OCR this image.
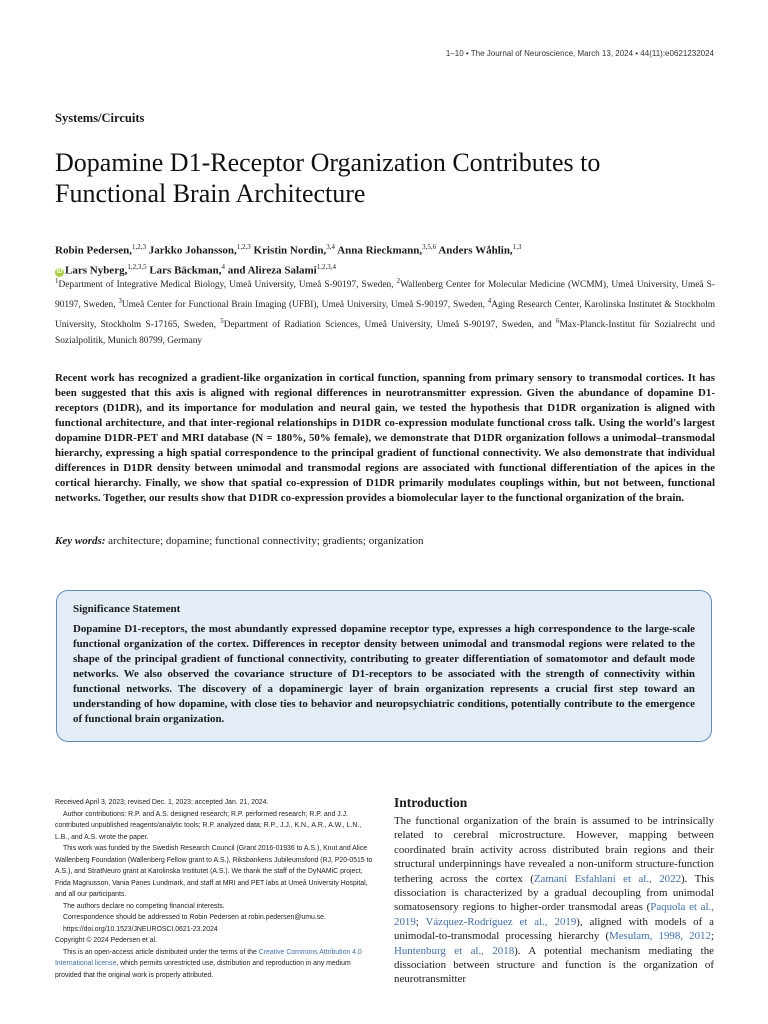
1–10 • The Journal of Neuroscience, March 13, 2024 • 44(11):e0621232024
Systems/Circuits
Dopamine D1-Receptor Organization Contributes to Functional Brain Architecture
Robin Pedersen,$^{1,2,3}$ Jarkko Johansson,$^{1,2,3}$ Kristin Nordin,$^{3,4}$ Anna Rieckmann,$^{3,5,6}$ Anders Wåhlin,$^{1,3}$
iD Lars Nyberg,$^{1,2,3,5}$ Lars Bäckman,$^4$ and Alireza Salami$^{1,2,3,4}$
$^1$Department of Integrative Medical Biology, Umeå University, Umeå S-90197, Sweden, $^2$Wallenberg Center for Molecular Medicine (WCMM), Umeå University, Umeå S-90197, Sweden, $^3$Umeå Center for Functional Brain Imaging (UFBI), Umeå University, Umeå S-90197, Sweden, $^4$Aging Research Center, Karolinska Institutet & Stockholm University, Stockholm S-17165, Sweden, $^5$Department of Radiation Sciences, Umeå University, Umeå S-90197, Sweden, and $^6$Max-Planck-Institut für Sozialrecht und Sozialpolitik, Munich 80799, Germany

Recent work has recognized a gradient-like organization in cortical function, spanning from primary sensory to transmodal cortices. It has been suggested that this axis is aligned with regional differences in neurotransmitter expression. Given the abundance of dopamine D1-receptors (D1DR), and its importance for modulation and neural gain, we tested the hypothesis that D1DR organization is aligned with functional architecture, and that inter-regional relationships in D1DR co-expression modulate functional cross talk. Using the world's largest dopamine D1DR-PET and MRI database (N = 180%, 50% female), we demonstrate that D1DR organization follows a unimodal–transmodal hierarchy, expressing a high spatial correspondence to the principal gradient of functional connectivity. We also demonstrate that individual differences in D1DR density between unimodal and transmodal regions are associated with functional differentiation of the apices in the cortical hierarchy. Finally, we show that spatial co-expression of D1DR primarily modulates couplings within, but not between, functional networks. Together, our results show that D1DR co-expression provides a biomolecular layer to the functional organization of the brain.

Key words: architecture; dopamine; functional connectivity; gradients; organization

Significance Statement

Dopamine D1-receptors, the most abundantly expressed dopamine receptor type, expresses a high correspondence to the large-scale functional organization of the cortex. Differences in receptor density between unimodal and transmodal regions were related to the shape of the principal gradient of functional connectivity, contributing to greater differentiation of somatomotor and default mode networks. We also observed the covariance structure of D1-receptors to be associated with the strength of connectivity within functional networks. The discovery of a dopaminergic layer of brain organization represents a crucial first step toward an understanding of how dopamine, with close ties to behavior and neuropsychiatric conditions, potentially contribute to the emergence of functional brain organization.

Received April 3, 2023; revised Dec. 1, 2023; accepted Jan. 21, 2024.

Author contributions: R.P. and A.S. designed research; R.P. performed research; R.P. and J.J. contributed unpublished reagents/analytic tools; R.P. analyzed data; R.P., J.J., K.N., A.R., A.W., L.N., L.B., and A.S. wrote the paper.

This work was funded by the Swedish Research Council (Grant 2016-01936 to A.S.), Knut and Alice Wallenberg Foundation (Wallenberg Fellow grant to A.S.), Riksbankens Jubileumsfond (RJ, P20-0515 to A.S.), and StratNeuro grant at Karolinska Institutet (A.S.). We thank the staff of the DyNAMiC project, Frida Magnusson, Vania Panes Lundmark, and staff at MRI and PET labs at Umeå University Hospital, and all our participants.

The authors declare no competing financial interests.

Correspondence should be addressed to Robin Pedersen at robin.pedersen@umu.se.

https://doi.org/10.1523/JNEUROSCI.0621-23.2024

Copyright © 2024 Pedersen et al.

This is an open-access article distributed under the terms of the Creative Commons Attribution 4.0 International license, which permits unrestricted use, distribution and reproduction in any medium provided that the original work is properly attributed.

Introduction

The functional organization of the brain is assumed to be intrinsically related to cerebral microstructure. However, mapping between coordinated brain activity across distributed brain regions and their structural underpinnings have revealed a non-uniform structure-function tethering across the cortex (Zamani Esfahlani et al., 2022). This dissociation is characterized by a gradual decoupling from unimodal somatosensory regions to higher-order transmodal areas (Paquola et al., 2019; Vázquez-Rodríguez et al., 2019), aligned with models of a unimodal-to-transmodal processing hierarchy (Mesulam, 1998, 2012; Huntenburg et al., 2018). A potential mechanism mediating the dissociation between structure and function is the organization of neurotransmitter
